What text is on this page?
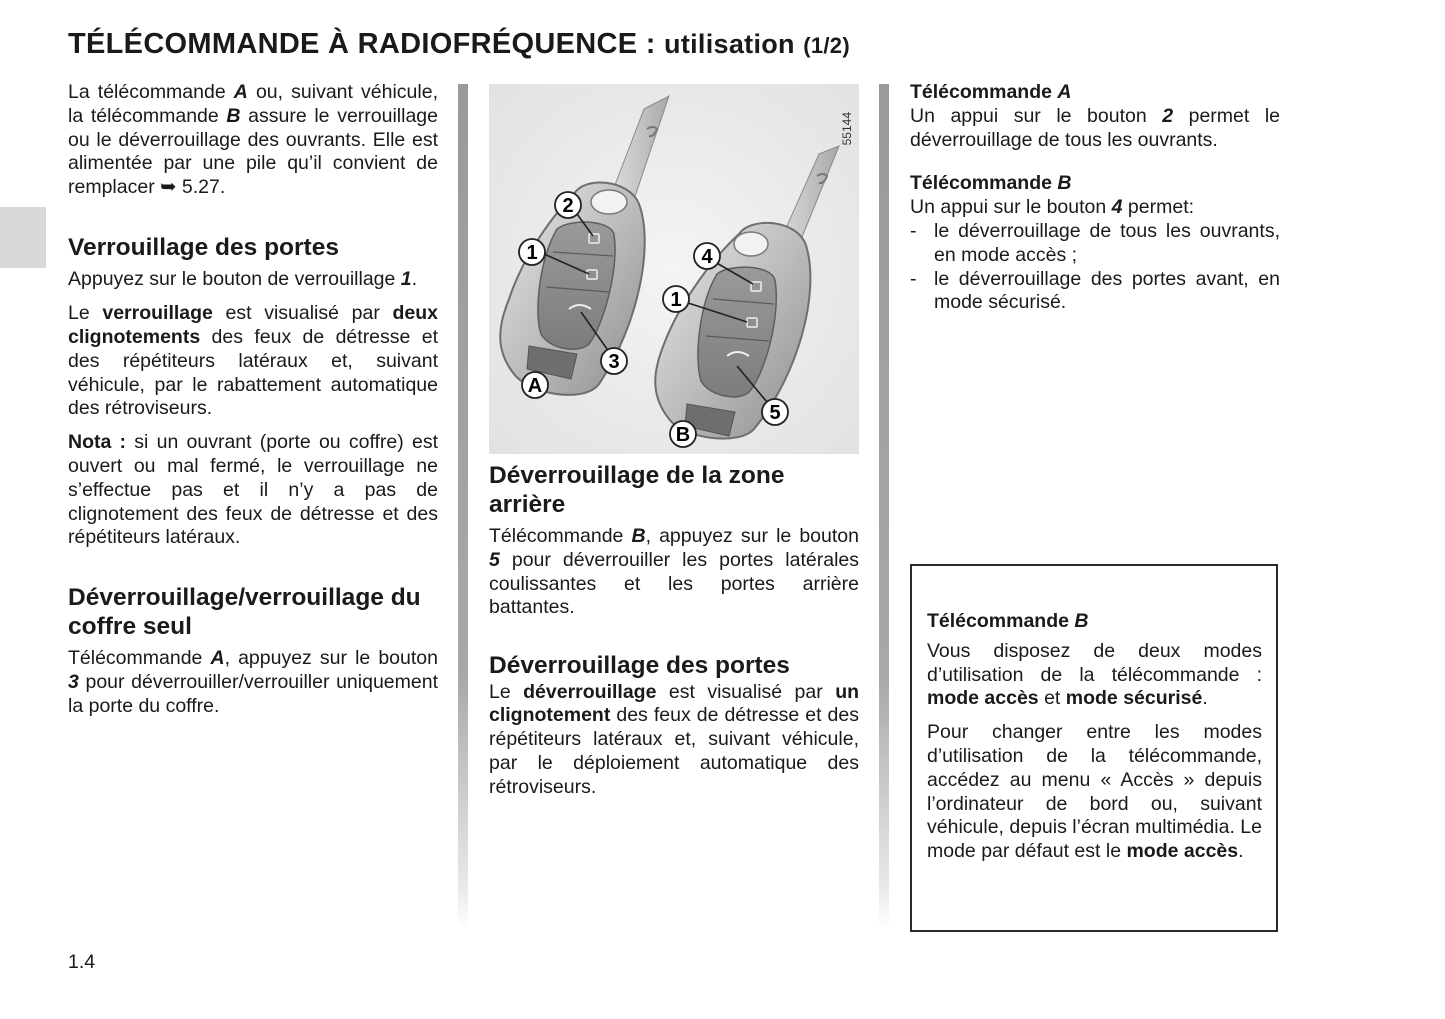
TÉLÉCOMMANDE À RADIOFRÉQUENCE : utilisation (1/2)

La télécommande A ou, suivant véhicule, la télécommande B assure le verrouillage ou le déverrouillage des ouvrants. Elle est alimentée par une pile qu’il convient de remplacer ➥ 5.27.

Verrouillage des portes

Appuyez sur le bouton de verrouillage 1.

Le verrouillage est visualisé par deux clignotements des feux de détresse et des répétiteurs latéraux et, suivant véhicule, par le rabattement automatique des rétroviseurs.

Nota : si un ouvrant (porte ou coffre) est ouvert ou mal fermé, le verrouillage ne s’effectue pas et il n’y a pas de clignotement des feux de détresse et des répétiteurs latéraux.

Déverrouillage/verrouillage du coffre seul

Télécommande A, appuyez sur le bouton 3 pour déverrouiller/verrouiller uniquement la porte du coffre.

2
1
3
A
4
1
5
B
55144
Déverrouillage de la zone arrière

Télécommande B, appuyez sur le bouton 5 pour déverrouiller les portes latérales coulissantes et les portes arrière battantes.

Déverrouillage des portes

Le déverrouillage est visualisé par un clignotement des feux de détresse et des répétiteurs latéraux et, suivant véhicule, par le déploiement automatique des rétroviseurs.

Télécommande A

Un appui sur le bouton 2 permet le déverrouillage de tous les ouvrants.

Télécommande B

Un appui sur le bouton 4 permet:

- le déverrouillage de tous les ouvrants, en mode accès ;
- le déverrouillage des portes avant, en mode sécurisé.

Télécommande B

Vous disposez de deux modes d’utilisation de la télécommande : mode accès et mode sécurisé.

Pour changer entre les modes d’utilisation de la télécommande, accédez au menu « Accès » depuis l’ordinateur de bord ou, suivant véhicule, depuis l’écran multimédia. Le mode par défaut est le mode accès.

1.4
